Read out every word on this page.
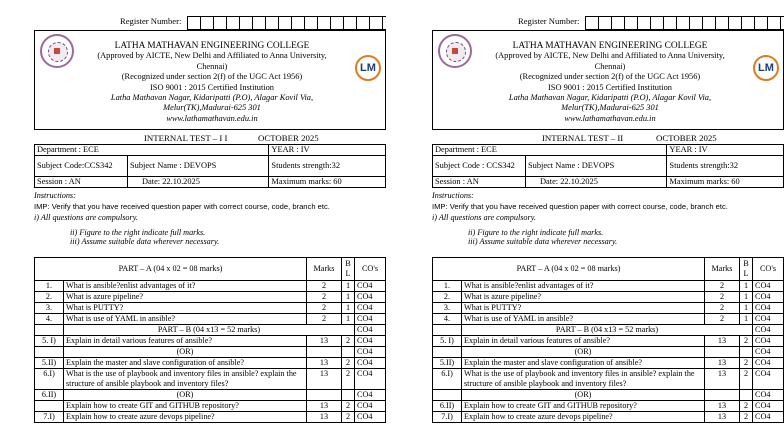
Register Number:
LATHA MATHAVAN ENGINEERING COLLEGE
(Approved by AICTE, New Delhi and Affiliated to Anna University, Chennai)
(Recognized under section 2(f) of the UGC Act 1956)
ISO 9001 : 2015 Certified Institution
Latha Mathavan Nagar, Kidaripatti (P.O), Alagar Kovil Via, Melur(TK),Madurai-625 301
www.lathamathavan.edu.in
LM
INTERNAL TEST – I I	OCTOBER 2025
Department : ECE		YEAR : IV
Subject Code:CCS342	Subject Name : DEVOPS	Students strength:32
Session : AN	Date: 22.10.2025	Maximum marks: 60
Instructions:
IMP: Verify that you have received question paper with correct course, code, branch etc.
i) All questions are compulsory.
ii) Figure to the right indicate full marks.
iii) Assume suitable data wherever necessary.
PART – A (04 x 02 = 08 marks)		Marks	B L	CO's
1.	What is ansible?enlist advantages of it?	2	1	CO4
2.	What is azure pipeline?	2	1	CO4
3.	What is PUTTY?	2	1	CO4
4.	What is use of YAML in ansible?	2	1	CO4
	PART – B (04 x13 = 52 marks)			CO4
5. I)	Explain in detail various features of ansible?	13	2	CO4
	(OR)			CO4
5.II)	Explain the master and slave configuration of ansible?	13	2	CO4
6.I)	What is the use of playbook and inventory files in ansible? explain the structure of ansible playbook and inventory files?	13	2	CO4
6.II)	(OR)			CO4
	Explain how to create GIT and GITHUB repository?	13	2	CO4
7.I)	Explain how to create azure devops pipeline?	13	2	CO4
Register Number:
LATHA MATHAVAN ENGINEERING COLLEGE
(Approved by AICTE, New Delhi and Affiliated to Anna University, Chennai)
(Recognized under section 2(f) of the UGC Act 1956)
ISO 9001 : 2015 Certified Institution
Latha Mathavan Nagar, Kidaripatti (P.O), Alagar Kovil Via, Melur(TK),Madurai-625 301
www.lathamathavan.edu.in
LM
INTERNAL TEST – II	OCTOBER 2025
Department : ECE		YEAR : IV
Subject Code : CCS342	Subject Name : DEVOPS	Students strength:32
Session : AN	Date: 22.10.2025	Maximum marks: 60
Instructions:
IMP: Verify that you have received question paper with correct course, code, branch etc.
i) All questions are compulsory.
ii) Figure to the right indicate full marks.
iii) Assume suitable data wherever necessary.
PART – A (04 x 02 = 08 marks)		Marks	B L	CO's
1.	What is ansible?enlist advantages of it?	2	1	CO4
2.	What is azure pipeline?	2	1	CO4
3.	What is PUTTY?	2	1	CO4
4.	What is use of YAML in ansible?	2	1	CO4
	PART – B (04 x13 = 52 marks)			CO4
5. I)	Explain in detail various features of ansible?	13	2	CO4
	(OR)			CO4
5.II)	Explain the master and slave configuration of ansible?	13	2	CO4
6.I)	What is the use of playbook and inventory files in ansible? explain the structure of ansible playbook and inventory files?	13	2	CO4
	(OR)			CO4
6.II)	Explain how to create GIT and GITHUB repository?	13	2	CO4
7.I)	Explain how to create azure devops pipeline?	13	2	CO4
